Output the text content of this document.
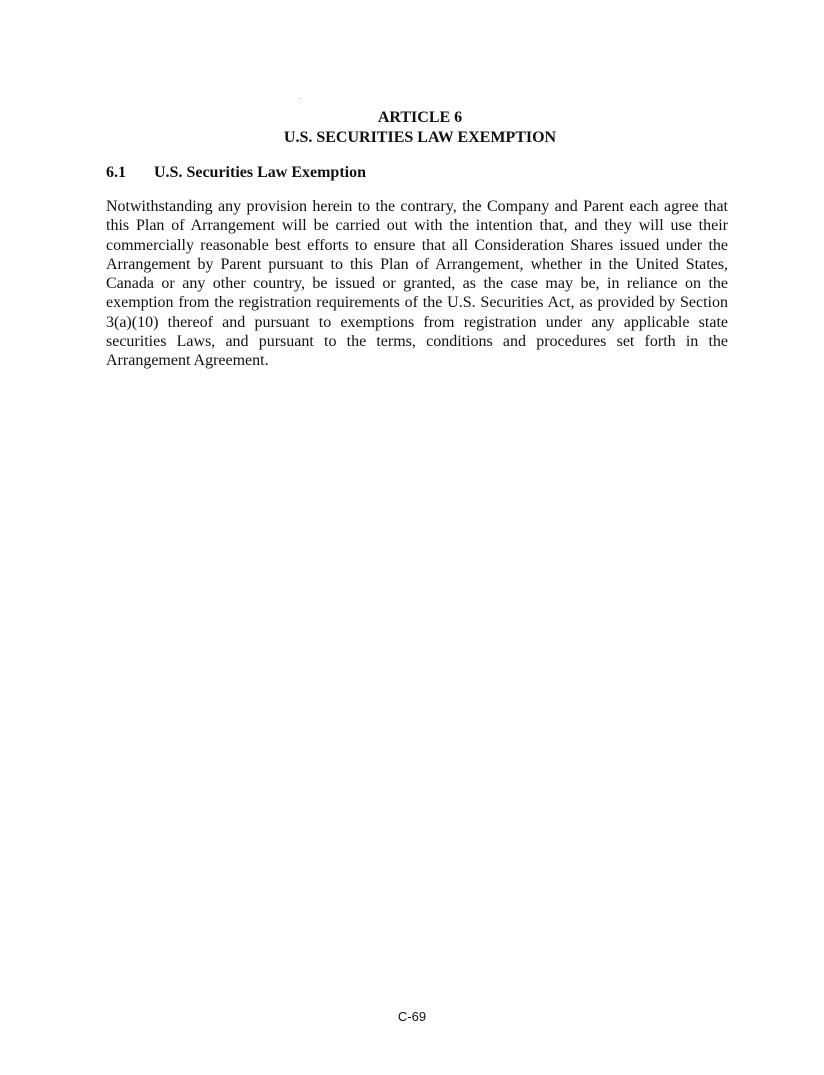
ARTICLE 6
U.S. SECURITIES LAW EXEMPTION
6.1 U.S. Securities Law Exemption
Notwithstanding any provision herein to the contrary, the Company and Parent each agree that this Plan of Arrangement will be carried out with the intention that, and they will use their commercially reasonable best efforts to ensure that all Consideration Shares issued under the Arrangement by Parent pursuant to this Plan of Arrangement, whether in the United States, Canada or any other country, be issued or granted, as the case may be, in reliance on the exemption from the registration requirements of the U.S. Securities Act, as provided by Section 3(a)(10) thereof and pursuant to exemptions from registration under any applicable state securities Laws, and pursuant to the terms, conditions and procedures set forth in the Arrangement Agreement.
C-69
